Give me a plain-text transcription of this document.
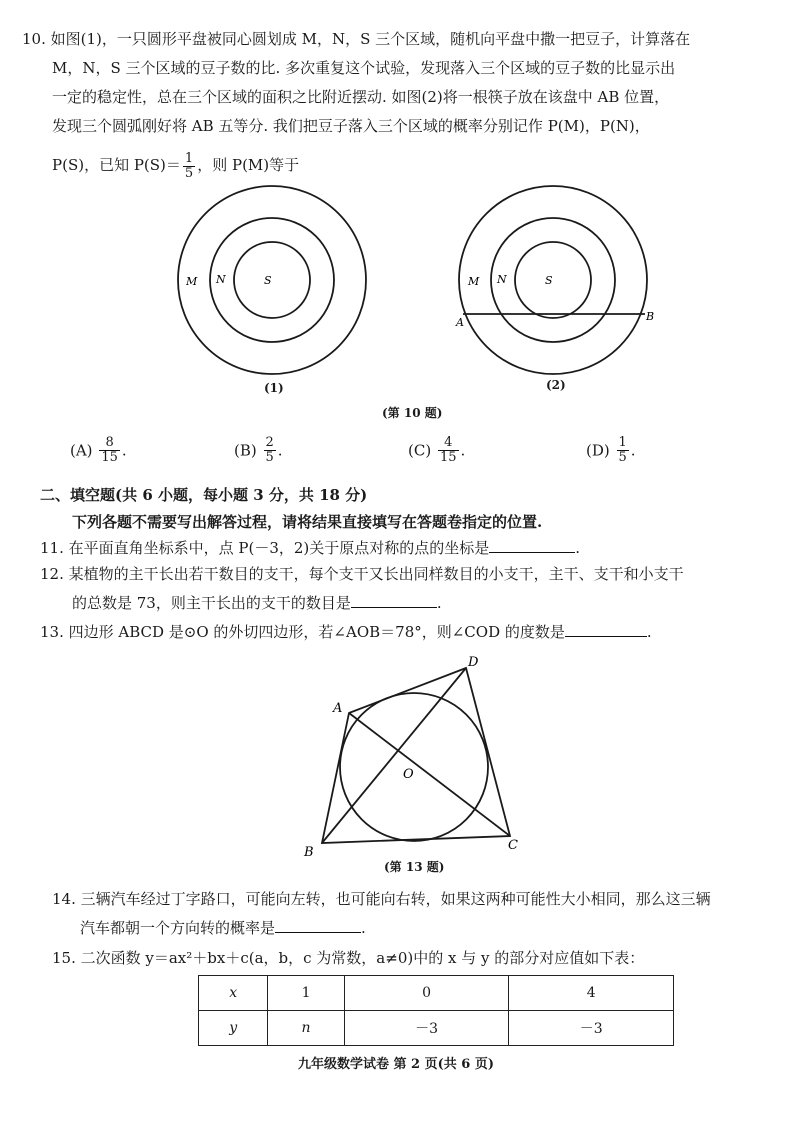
10. 如图(1)，一只圆形平盘被同心圆划成 M，N，S 三个区域，随机向平盘中撒一把豆子，计算落在
M，N，S 三个区域的豆子数的比. 多次重复这个试验，发现落入三个区域的豆子数的比显示出
一定的稳定性，总在三个区域的面积之比附近摆动. 如图(2)将一根筷子放在该盘中 AB 位置，
发现三个圆弧刚好将 AB 五等分. 我们把豆子落入三个区域的概率分别记作 P(M)，P(N)，
P(S)，已知 $P(S)= \frac{1}{5}$ ，则 P(M)等于
M N	S	M N	S
A	B
A
D
B	C
O
(1)	(2)
(第 10 题)
$(A) \frac{8}{15}$ .	$(B) \frac{2}{5}$ .	$(C) \frac{4}{15}$ .	$(D) \frac{1}{5}$ .
二、填空题(共 6 小题，每小题 3 分，共 18 分)
下列各题不需要写出解答过程，请将结果直接填写在答题卷指定的位置.
11. 在平面直角坐标系中，点 P(－3，2)关于原点对称的点的坐标是	.
12. 某植物的主干长出若干数目的支干，每个支干又长出同样数目的小支干，主干、支干和小支干
的总数是 73，则主干长出的支干的数目是	.
13. 四边形 ABCD 是⊙O 的外切四边形，若∠AOB＝78°，则∠COD 的度数是	.
(第 13 题)
14. 三辆汽车经过丁字路口，可能向左转，也可能向右转，如果这两种可能性大小相同，那么这三辆
汽车都朝一个方向转的概率是	.
15. 二次函数 y＝ax²＋bx＋c(a，b，c 为常数，a≠0)中的 x 与 y 的部分对应值如下表：
x	1	0	4
y	n	－3	－3
九年级数学试卷 第 2 页(共 6 页)
